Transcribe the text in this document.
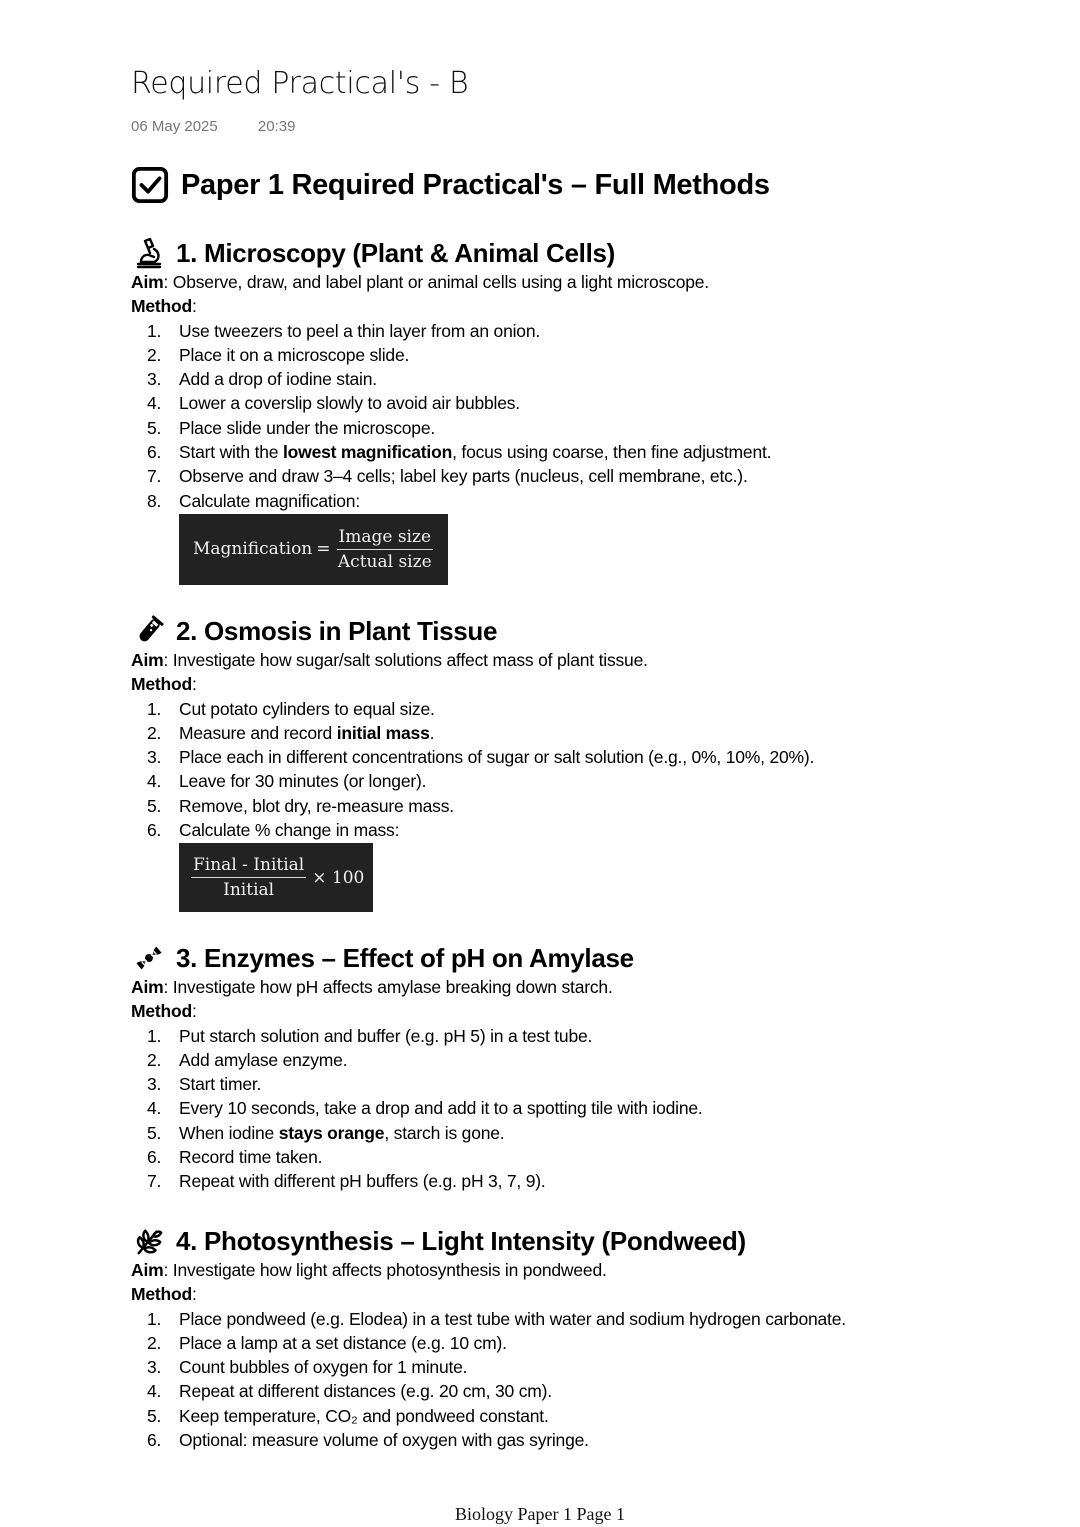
Required Practical's - B
06 May 2025	20:39
Paper 1 Required Practical's – Full Methods
1. Microscopy (Plant & Animal Cells)
Aim: Observe, draw, and label plant or animal cells using a light microscope.
Method:
1. Use tweezers to peel a thin layer from an onion.
2. Place it on a microscope slide.
3. Add a drop of iodine stain.
4. Lower a coverslip slowly to avoid air bubbles.
5. Place slide under the microscope.
6. Start with the lowest magnification, focus using coarse, then fine adjustment.
7. Observe and draw 3–4 cells; label key parts (nucleus, cell membrane, etc.).
8. Calculate magnification:
Magnification = $\frac{\text{Image size}}{\text{Actual size}}$
2. Osmosis in Plant Tissue
Aim: Investigate how sugar/salt solutions affect mass of plant tissue.
Method:
1. Cut potato cylinders to equal size.
2. Measure and record initial mass.
3. Place each in different concentrations of sugar or salt solution (e.g., 0%, 10%, 20%).
4. Leave for 30 minutes (or longer).
5. Remove, blot dry, re-measure mass.
6. Calculate % change in mass:
$\frac{\text{Final - Initial}}{\text{Initial}} \times 100$
3. Enzymes – Effect of pH on Amylase
Aim: Investigate how pH affects amylase breaking down starch.
Method:
1. Put starch solution and buffer (e.g. pH 5) in a test tube.
2. Add amylase enzyme.
3. Start timer.
4. Every 10 seconds, take a drop and add it to a spotting tile with iodine.
5. When iodine stays orange, starch is gone.
6. Record time taken.
7. Repeat with different pH buffers (e.g. pH 3, 7, 9).
4. Photosynthesis – Light Intensity (Pondweed)
Aim: Investigate how light affects photosynthesis in pondweed.
Method:
1. Place pondweed (e.g. Elodea) in a test tube with water and sodium hydrogen carbonate.
2. Place a lamp at a set distance (e.g. 10 cm).
3. Count bubbles of oxygen for 1 minute.
4. Repeat at different distances (e.g. 20 cm, 30 cm).
5. Keep temperature, CO₂ and pondweed constant.
6. Optional: measure volume of oxygen with gas syringe.
Biology Paper 1 Page 1
